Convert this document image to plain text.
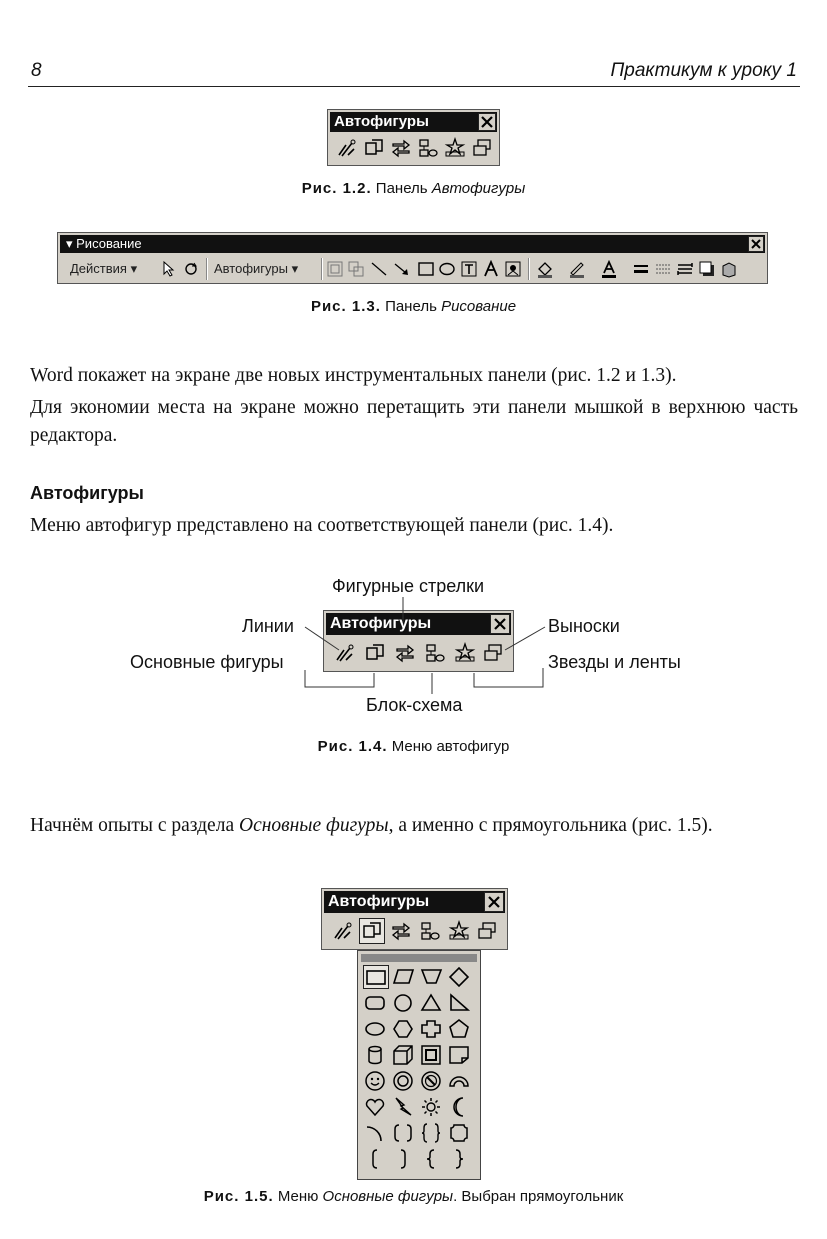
8	Практикум к уроку 1
Автофигуры
Рис. 1.2. Панель Автофигуры
▾ Рисование
Действия ▾	Автофигуры ▾
Рис. 1.3. Панель Рисование
Word покажет на экране две новых инструментальных панели (рис. 1.2 и 1.3).
Для экономии места на экране можно перетащить эти панели мышкой в верхнюю часть редактора.
Автофигуры
Меню автофигур представлено на соответствующей панели (рис. 1.4).
Автофигуры
Фигурные стрелки
Линии	Выноски
Основные фигуры	Звезды и ленты
Блок-схема
Рис. 1.4. Меню автофигур
Начнём опыты с раздела Основные фигуры, а именно с прямоугольника (рис. 1.5).
Автофигуры
Рис. 1.5. Меню Основные фигуры. Выбран прямоугольник
